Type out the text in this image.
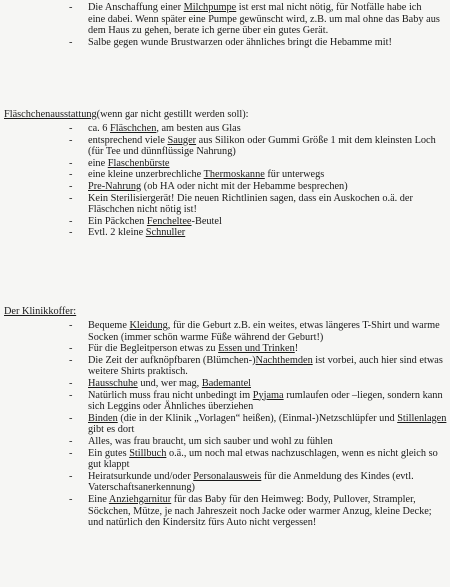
- Die Anschaffung einer Milchpumpe ist erst mal nicht nötig, für Notfälle habe ich eine dabei. Wenn später eine Pumpe gewünscht wird, z.B. um mal ohne das Baby aus dem Haus zu gehen, berate ich gerne über ein gutes Gerät.
- Salbe gegen wunde Brustwarzen oder ähnliches bringt die Hebamme mit!
Fläschchenausstattung(wenn gar nicht gestillt werden soll):
- ca. 6 Fläschchen, am besten aus Glas
- entsprechend viele Sauger aus Silikon oder Gummi Größe 1 mit dem kleinsten Loch (für Tee und dünnflüssige Nahrung)
- eine Flaschenbürste
- eine kleine unzerbrechliche Thermoskanne für unterwegs
- Pre-Nahrung (ob HA oder nicht mit der Hebamme besprechen)
- Kein Sterilisiergerät! Die neuen Richtlinien sagen, dass ein Auskochen o.ä. der Fläschchen nicht nötig ist!
- Ein Päckchen Fencheltee-Beutel
- Evtl. 2 kleine Schnuller
Der Klinikkoffer:
- Bequeme Kleidung, für die Geburt z.B. ein weites, etwas längeres T-Shirt und warme Socken (immer schön warme Füße während der Geburt!)
- Für die Begleitperson etwas zu Essen und Trinken!
- Die Zeit der aufknöpfbaren (Blümchen-)Nachthemden ist vorbei, auch hier sind etwas weitere Shirts praktisch.
- Hausschuhe und, wer mag, Bademantel
- Natürlich muss frau nicht unbedingt im Pyjama rumlaufen oder –liegen, sondern kann sich Leggins oder Ähnliches überziehen
- Binden (die in der Klinik „Vorlagen“ heißen), (Einmal-)Netzschlüpfer und Stillenlagen gibt es dort
- Alles, was frau braucht, um sich sauber und wohl zu fühlen
- Ein gutes Stillbuch o.ä., um noch mal etwas nachzuschlagen, wenn es nicht gleich so gut klappt
- Heiratsurkunde und/oder Personalausweis für die Anmeldung des Kindes (evtl. Vaterschaftsanerkennung)
- Eine Anziehgarnitur für das Baby für den Heimweg: Body, Pullover, Strampler, Söckchen, Mütze, je nach Jahreszeit noch Jacke oder warmer Anzug, kleine Decke; und natürlich den Kindersitz fürs Auto nicht vergessen!
